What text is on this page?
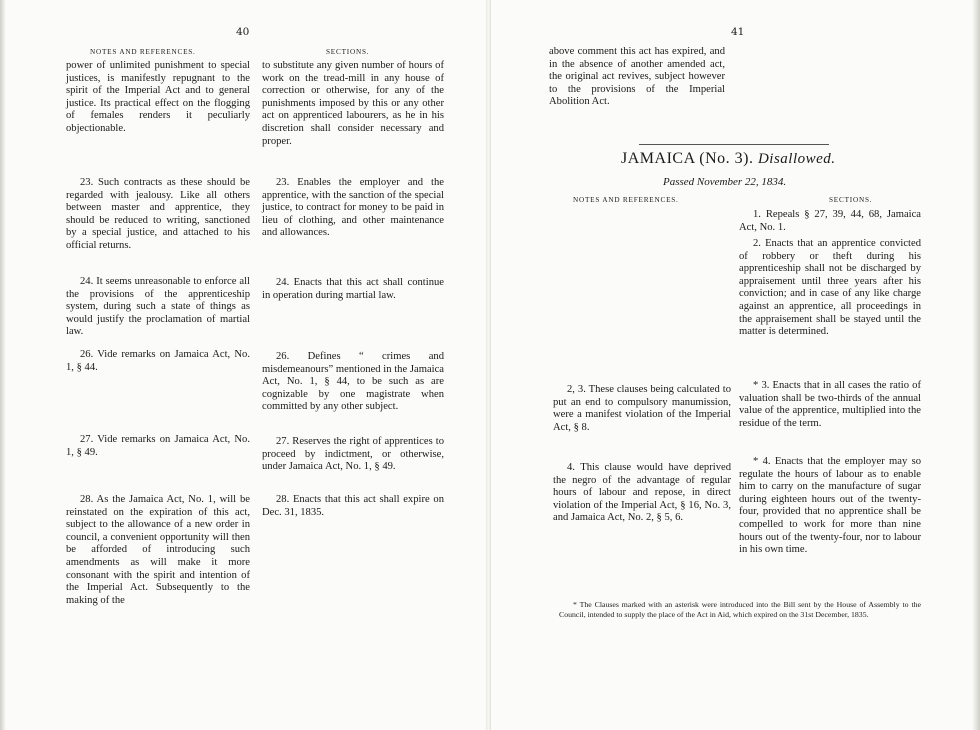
40
NOTES AND REFERENCES.	SECTIONS.
power of unlimited punishment to special justices, is manifestly repugnant to the spirit of the Imperial Act and to general justice. Its practical effect on the flogging of females renders it peculiarly objectionable.
23. Such contracts as these should be regarded with jealousy. Like all others between master and apprentice, they should be reduced to writing, sanctioned by a special justice, and attached to his official returns.
24. It seems unreasonable to enforce all the provisions of the apprenticeship system, during such a state of things as would justify the proclamation of martial law.
26. Vide remarks on Jamaica Act, No. 1, § 44.
27. Vide remarks on Jamaica Act, No. 1, § 49.
28. As the Jamaica Act, No. 1, will be reinstated on the expiration of this act, subject to the allowance of a new order in council, a convenient opportunity will then be afforded of introducing such amendments as will make it more consonant with the spirit and intention of the Imperial Act. Subsequently to the making of the
to substitute any given number of hours of work on the tread-mill in any house of correction or otherwise, for any of the punishments imposed by this or any other act on apprenticed labourers, as he in his discretion shall consider necessary and proper.
23. Enables the employer and the apprentice, with the sanction of the special justice, to contract for money to be paid in lieu of clothing, and other maintenance and allowances.
24. Enacts that this act shall continue in operation during martial law.
26. Defines “ crimes and misdemeanours” mentioned in the Jamaica Act, No. 1, § 44, to be such as are cognizable by one magistrate when committed by any other subject.
27. Reserves the right of apprentices to proceed by indictment, or otherwise, under Jamaica Act, No. 1, § 49.
28. Enacts that this act shall expire on Dec. 31, 1835.
41
above comment this act has expired, and in the absence of another amended act, the original act revives, subject however to the provisions of the Imperial Abolition Act.
JAMAICA (No. 3). Disallowed.
Passed November 22, 1834.
NOTES AND REFERENCES.	SECTIONS.
1. Repeals § 27, 39, 44, 68, Jamaica Act, No. 1.
2. Enacts that an apprentice convicted of robbery or theft during his apprenticeship shall not be discharged by appraisement until three years after his conviction; and in case of any like charge against an apprentice, all proceedings in the appraisement shall be stayed until the matter is determined.
* 3. Enacts that in all cases the ratio of valuation shall be two-thirds of the annual value of the apprentice, multiplied into the residue of the term.
* 4. Enacts that the employer may so regulate the hours of labour as to enable him to carry on the manufacture of sugar during eighteen hours out of the twenty-four, provided that no apprentice shall be compelled to work for more than nine hours out of the twenty-four, nor to labour in his own time.
2, 3. These clauses being calculated to put an end to compulsory manumission, were a manifest violation of the Imperial Act, § 8.
4. This clause would have deprived the negro of the advantage of regular hours of labour and repose, in direct violation of the Imperial Act, § 16, No. 3, and Jamaica Act, No. 2, § 5, 6.
* The Clauses marked with an asterisk were introduced into the Bill sent by the House of Assembly to the Council, intended to supply the place of the Act in Aid, which expired on the 31st December, 1835.
